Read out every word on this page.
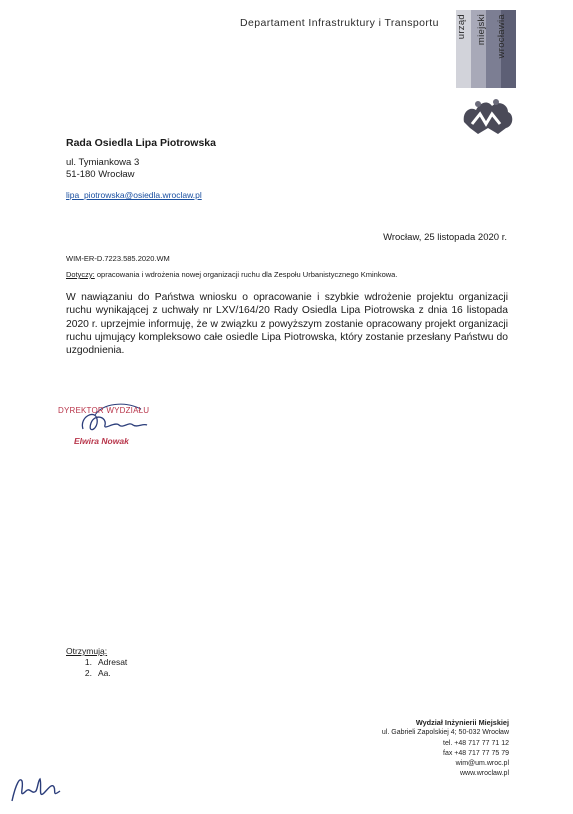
Departament Infrastruktury i Transportu urząd miejski wrocławia
Rada Osiedla Lipa Piotrowska
ul. Tymiankowa 3
51-180 Wrocław
lipa_piotrowska@osiedla.wroclaw.pl
Wrocław, 25 listopada 2020 r.
WIM-ER-D.7223.585.2020.WM
Dotyczy: opracowania i wdrożenia nowej organizacji ruchu dla Zespołu Urbanistycznego Kminkowa.
W nawiązaniu do Państwa wniosku o opracowanie i szybkie wdrożenie projektu organizacji ruchu wynikającej z uchwały nr LXV/164/20 Rady Osiedla Lipa Piotrowska z dnia 16 listopada 2020 r. uprzejmie informuję, że w związku z powyższym zostanie opracowany projekt organizacji ruchu ujmujący kompleksowo całe osiedle Lipa Piotrowska, który zostanie przesłany Państwu do uzgodnienia.
DYREKTOR WYDZIAŁU
Elwira Nowak
Otrzymują:
1. Adresat
2. Aa.
Wydział Inżynierii Miejskiej
ul. Gabrieli Zapolskiej 4; 50-032 Wrocław
tel. +48 717 77 71 12
fax +48 717 77 75 79
wim@um.wroc.pl
www.wroclaw.pl
